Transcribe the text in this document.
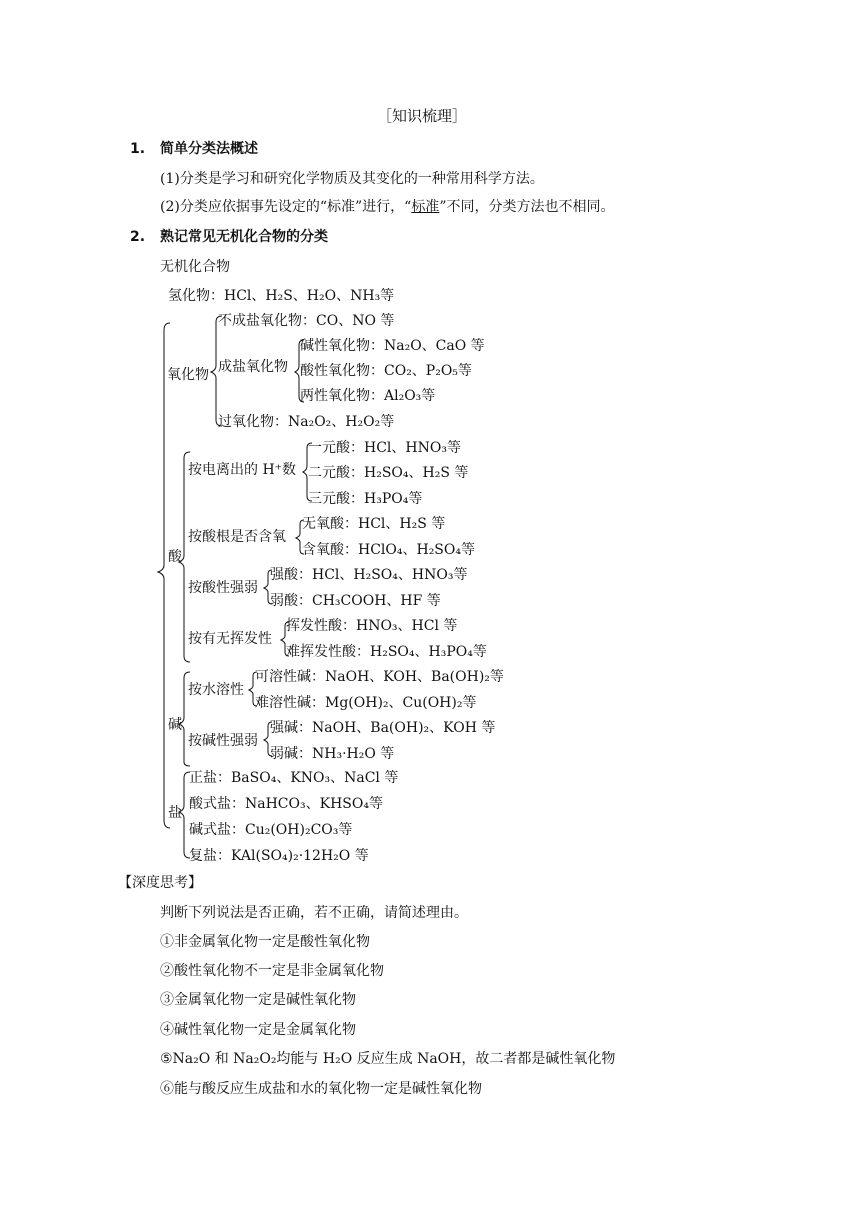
［知识梳理］
1. 简单分类法概述
(1)分类是学习和研究化学物质及其变化的一种常用科学方法。
(2)分类应依据事先设定的“标准”进行，“标准”不同，分类方法也不相同。
2. 熟记常见无机化合物的分类
无机化合物
氢化物：HCl、H₂S、H₂O、NH₃等
氧化物
不成盐氧化物：CO、NO 等
成盐氧化物
碱性氧化物：Na₂O、CaO 等
酸性氧化物：CO₂、P₂O₅等
两性氧化物：Al₂O₃等
过氧化物：Na₂O₂、H₂O₂等
酸
按电离出的 H⁺数
一元酸：HCl、HNO₃等
二元酸：H₂SO₄、H₂S 等
三元酸：H₃PO₄等
按酸根是否含氧
无氧酸：HCl、H₂S 等
含氧酸：HClO₄、H₂SO₄等
按酸性强弱
强酸：HCl、H₂SO₄、HNO₃等
弱酸：CH₃COOH、HF 等
按有无挥发性
挥发性酸：HNO₃、HCl 等
难挥发性酸：H₂SO₄、H₃PO₄等
碱
按水溶性
可溶性碱：NaOH、KOH、Ba(OH)₂等
难溶性碱：Mg(OH)₂、Cu(OH)₂等
按碱性强弱
强碱：NaOH、Ba(OH)₂、KOH 等
弱碱：NH₃·H₂O 等
盐
正盐：BaSO₄、KNO₃、NaCl 等
酸式盐：NaHCO₃、KHSO₄等
碱式盐：Cu₂(OH)₂CO₃等
复盐：KAl(SO₄)₂·12H₂O 等
【深度思考】
判断下列说法是否正确，若不正确，请简述理由。
①非金属氧化物一定是酸性氧化物
②酸性氧化物不一定是非金属氧化物
③金属氧化物一定是碱性氧化物
④碱性氧化物一定是金属氧化物
⑤Na₂O 和 Na₂O₂均能与 H₂O 反应生成 NaOH，故二者都是碱性氧化物
⑥能与酸反应生成盐和水的氧化物一定是碱性氧化物
